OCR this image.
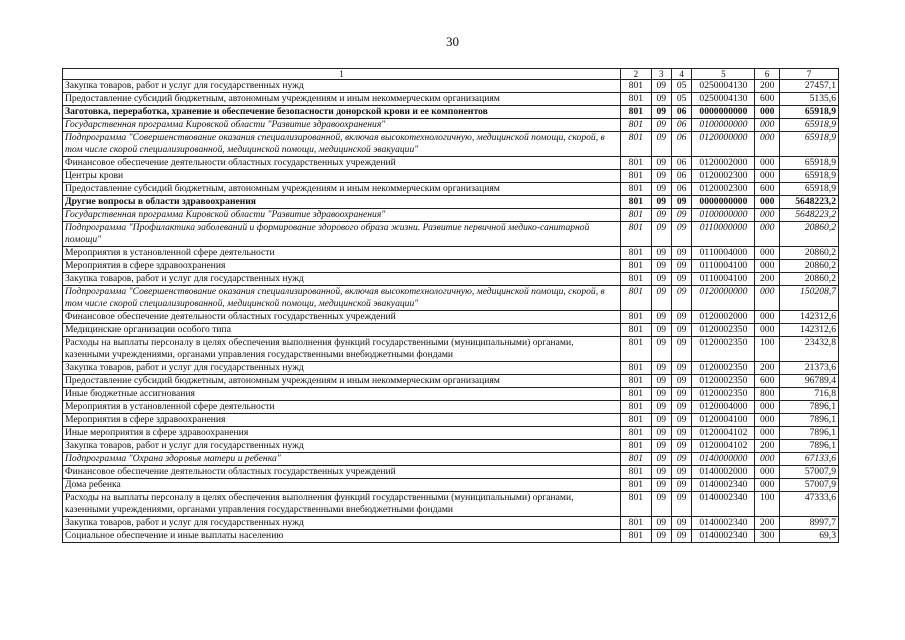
30
1	2	3	4	5	6	7
Закупка товаров, работ и услуг для государственных нужд	801	09	05	0250004130	200	27457,1
Предоставление субсидий бюджетным, автономным учреждениям и иным некоммерческим организациям	801	09	05	0250004130	600	5135,6
Заготовка, переработка, хранение и обеспечение безопасности донорской крови и ее компонентов	801	09	06	0000000000	000	65918,9
Государственная программа Кировской области "Развитие здравоохранения"	801	09	06	0100000000	000	65918,9
Подпрограмма "Совершенствование оказания специализированной, включая высокотехнологичную, медицинской помощи, скорой, в том числе скорой специализированной, медицинской помощи, медицинской эвакуации"	801	09	06	0120000000	000	65918,9
Финансовое обеспечение деятельности областных государственных учреждений	801	09	06	0120002000	000	65918,9
Центры крови	801	09	06	0120002300	000	65918,9
Предоставление субсидий бюджетным, автономным учреждениям и иным некоммерческим организациям	801	09	06	0120002300	600	65918,9
Другие вопросы в области здравоохранения	801	09	09	0000000000	000	5648223,2
Государственная программа Кировской области "Развитие здравоохранения"	801	09	09	0100000000	000	5648223,2
Подпрограмма "Профилактика заболеваний и формирование здорового образа жизни. Развитие первичной медико-санитарной помощи"	801	09	09	0110000000	000	20860,2
Мероприятия в установленной сфере деятельности	801	09	09	0110004000	000	20860,2
Мероприятия в сфере здравоохранения	801	09	09	0110004100	000	20860,2
Закупка товаров, работ и услуг для государственных нужд	801	09	09	0110004100	200	20860,2
Подпрограмма "Совершенствование оказания специализированной, включая высокотехнологичную, медицинской помощи, скорой, в том числе скорой специализированной, медицинской помощи, медицинской эвакуации"	801	09	09	0120000000	000	150208,7
Финансовое обеспечение деятельности областных государственных учреждений	801	09	09	0120002000	000	142312,6
Медицинские организации особого типа	801	09	09	0120002350	000	142312,6
Расходы на выплаты персоналу в целях обеспечения выполнения функций государственными (муниципальными) органами, казенными учреждениями, органами управления государственными внебюджетными фондами	801	09	09	0120002350	100	23432,8
Закупка товаров, работ и услуг для государственных нужд	801	09	09	0120002350	200	21373,6
Предоставление субсидий бюджетным, автономным учреждениям и иным некоммерческим организациям	801	09	09	0120002350	600	96789,4
Иные бюджетные ассигнования	801	09	09	0120002350	800	716,8
Мероприятия в установленной сфере деятельности	801	09	09	0120004000	000	7896,1
Мероприятия в сфере здравоохранения	801	09	09	0120004100	000	7896,1
Иные мероприятия в сфере здравоохранения	801	09	09	0120004102	000	7896,1
Закупка товаров, работ и услуг для государственных нужд	801	09	09	0120004102	200	7896,1
Подпрограмма "Охрана здоровья матери и ребенка"	801	09	09	0140000000	000	67133,6
Финансовое обеспечение деятельности областных государственных учреждений	801	09	09	0140002000	000	57007,9
Дома ребенка	801	09	09	0140002340	000	57007,9
Расходы на выплаты персоналу в целях обеспечения выполнения функций государственными (муниципальными) органами, казенными учреждениями, органами управления государственными внебюджетными фондами	801	09	09	0140002340	100	47333,6
Закупка товаров, работ и услуг для государственных нужд	801	09	09	0140002340	200	8997,7
Социальное обеспечение и иные выплаты населению	801	09	09	0140002340	300	69,3
